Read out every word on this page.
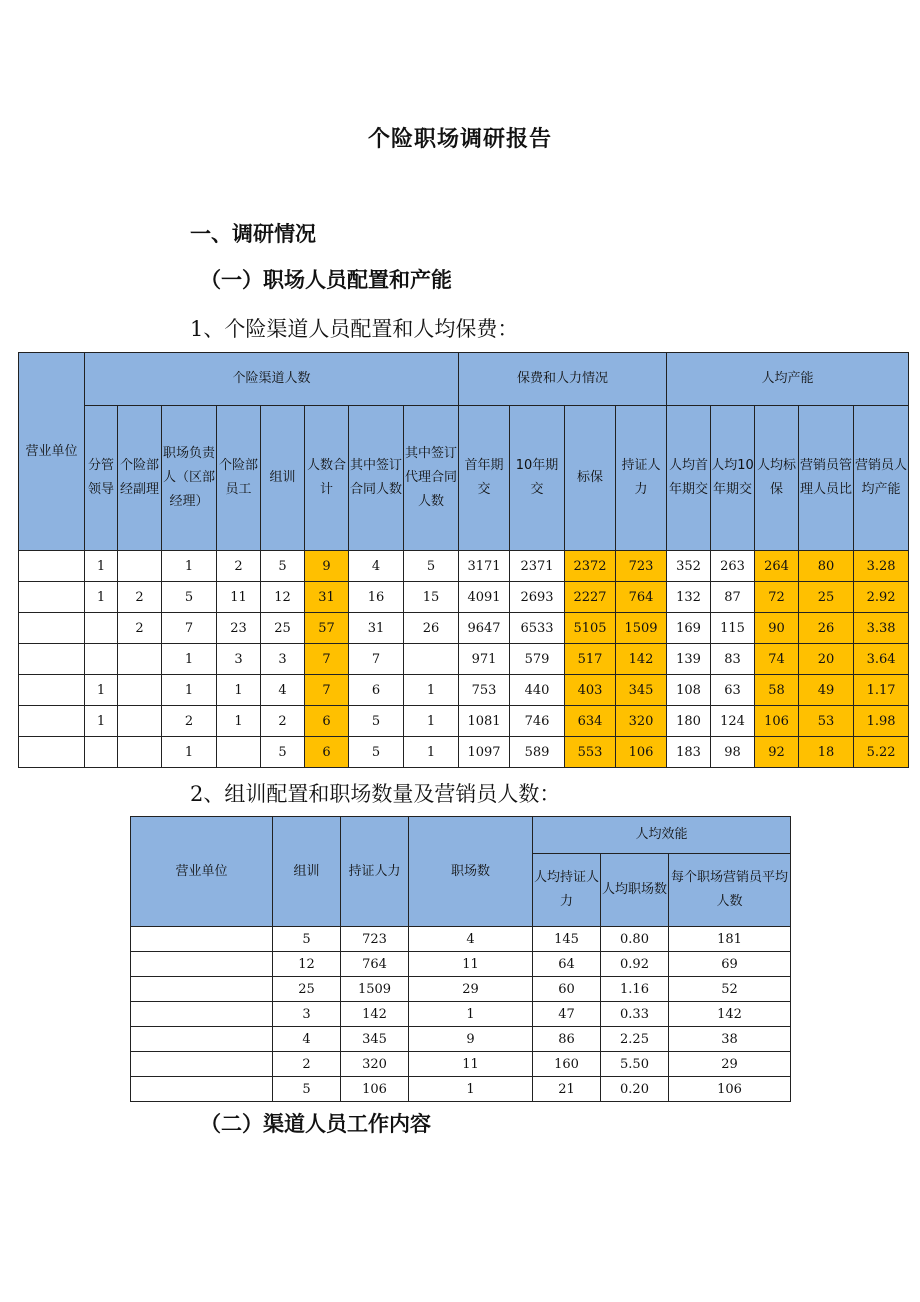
个险职场调研报告
一、调研情况
（一）职场人员配置和产能
1、个险渠道人员配置和人均保费：
营业单位	个险渠道人数								保费和人力情况				人均产能				
	分管领导	个险部经副理	职场负责人（区部经理）	个险部员工	组训	人数合计	其中签订合同人数	其中签订代理合同人数	首年期交	10年期交	标保	持证人力	人均首年期交	人均10年期交	人均标保	营销员管理人员比	营销员人均产能
	1		1	2	5	9	4	5	3171	2371	2372	723	352	263	264	80	3.28
	1	2	5	11	12	31	16	15	4091	2693	2227	764	132	87	72	25	2.92
		2	7	23	25	57	31	26	9647	6533	5105	1509	169	115	90	26	3.38
			1	3	3	7	7		971	579	517	142	139	83	74	20	3.64
	1		1	1	4	7	6	1	753	440	403	345	108	63	58	49	1.17
	1		2	1	2	6	5	1	1081	746	634	320	180	124	106	53	1.98
			1		5	6	5	1	1097	589	553	106	183	98	92	18	5.22
2、组训配置和职场数量及营销员人数：
营业单位	组训	持证人力	职场数	人均效能		
				人均持证人力	人均职场数	每个职场营销员平均人数
	5	723	4	145	0.80	181
	12	764	11	64	0.92	69
	25	1509	29	60	1.16	52
	3	142	1	47	0.33	142
	4	345	9	86	2.25	38
	2	320	11	160	5.50	29
	5	106	1	21	0.20	106
（二）渠道人员工作内容
